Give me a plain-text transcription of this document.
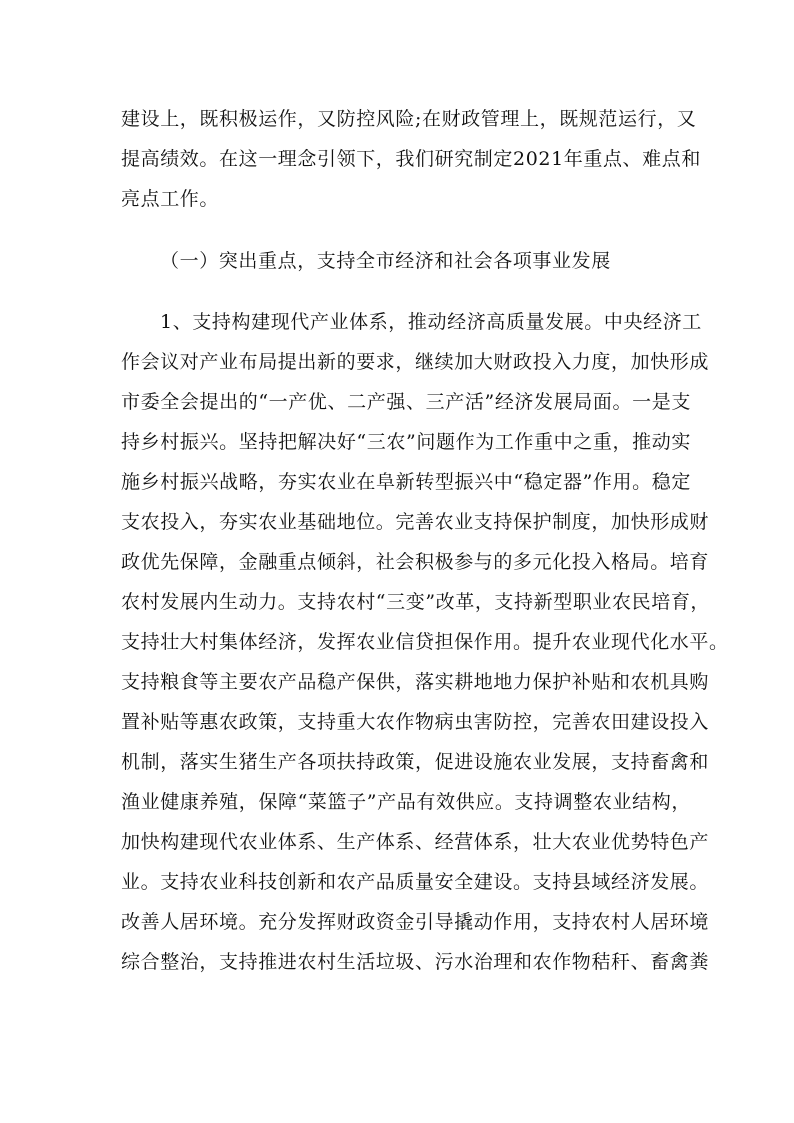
建设上，既积极运作，又防控风险;在财政管理上，既规范运行，又

提高绩效。在这一理念引领下，我们研究制定2021年重点、难点和

亮点工作。

（一）突出重点，支持全市经济和社会各项事业发展

1、支持构建现代产业体系，推动经济高质量发展。中央经济工

作会议对产业布局提出新的要求，继续加大财政投入力度，加快形成

市委全会提出的“一产优、二产强、三产活”经济发展局面。一是支

持乡村振兴。坚持把解决好“三农”问题作为工作重中之重，推动实

施乡村振兴战略，夯实农业在阜新转型振兴中“稳定器”作用。稳定

支农投入，夯实农业基础地位。完善农业支持保护制度，加快形成财

政优先保障，金融重点倾斜，社会积极参与的多元化投入格局。培育

农村发展内生动力。支持农村“三变”改革，支持新型职业农民培育，

支持壮大村集体经济，发挥农业信贷担保作用。提升农业现代化水平。

支持粮食等主要农产品稳产保供，落实耕地地力保护补贴和农机具购

置补贴等惠农政策，支持重大农作物病虫害防控，完善农田建设投入

机制，落实生猪生产各项扶持政策，促进设施农业发展，支持畜禽和

渔业健康养殖，保障“菜篮子”产品有效供应。支持调整农业结构，

加快构建现代农业体系、生产体系、经营体系，壮大农业优势特色产

业。支持农业科技创新和农产品质量安全建设。支持县域经济发展。

改善人居环境。充分发挥财政资金引导撬动作用，支持农村人居环境

综合整治，支持推进农村生活垃圾、污水治理和农作物秸秆、畜禽粪
